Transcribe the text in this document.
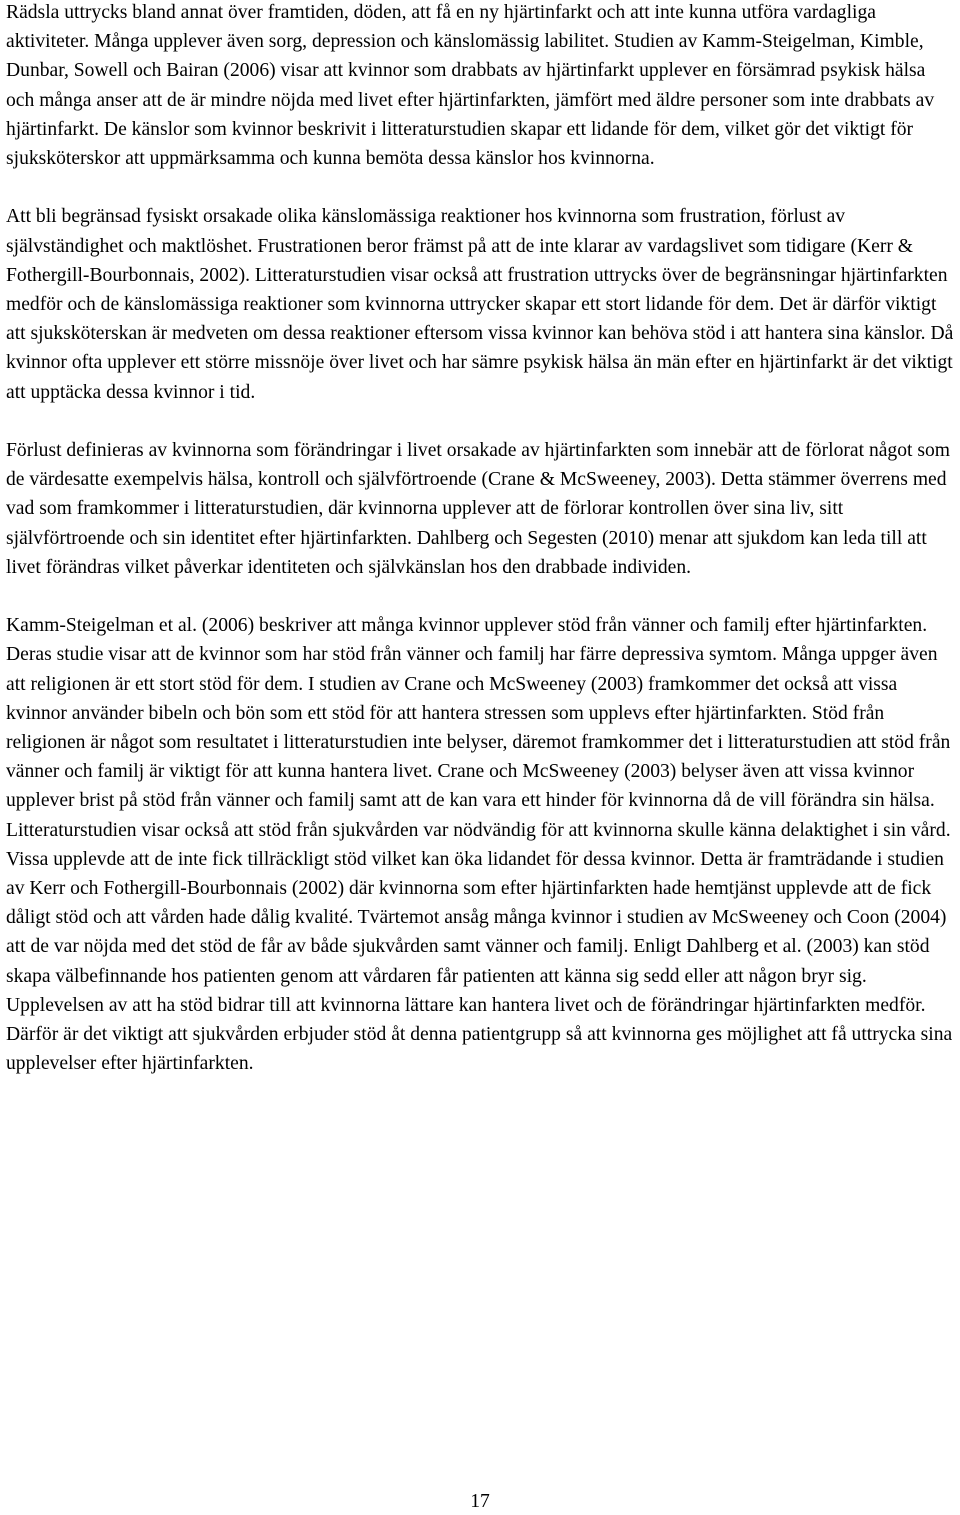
Rädsla uttrycks bland annat över framtiden, döden, att få en ny hjärtinfarkt och att inte kunna utföra vardagliga aktiviteter. Många upplever även sorg, depression och känslomässig labilitet. Studien av Kamm-Steigelman, Kimble, Dunbar, Sowell och Bairan (2006) visar att kvinnor som drabbats av hjärtinfarkt upplever en försämrad psykisk hälsa och många anser att de är mindre nöjda med livet efter hjärtinfarkten, jämfört med äldre personer som inte drabbats av hjärtinfarkt. De känslor som kvinnor beskrivit i litteraturstudien skapar ett lidande för dem, vilket gör det viktigt för sjuksköterskor att uppmärksamma och kunna bemöta dessa känslor hos kvinnorna.

Att bli begränsad fysiskt orsakade olika känslomässiga reaktioner hos kvinnorna som frustration, förlust av självständighet och maktlöshet. Frustrationen beror främst på att de inte klarar av vardagslivet som tidigare (Kerr & Fothergill-Bourbonnais, 2002). Litteraturstudien visar också att frustration uttrycks över de begränsningar hjärtinfarkten medför och de känslomässiga reaktioner som kvinnorna uttrycker skapar ett stort lidande för dem. Det är därför viktigt att sjuksköterskan är medveten om dessa reaktioner eftersom vissa kvinnor kan behöva stöd i att hantera sina känslor. Då kvinnor ofta upplever ett större missnöje över livet och har sämre psykisk hälsa än män efter en hjärtinfarkt är det viktigt att upptäcka dessa kvinnor i tid.

Förlust definieras av kvinnorna som förändringar i livet orsakade av hjärtinfarkten som innebär att de förlorat något som de värdesatte exempelvis hälsa, kontroll och självförtroende (Crane & McSweeney, 2003). Detta stämmer överrens med vad som framkommer i litteraturstudien, där kvinnorna upplever att de förlorar kontrollen över sina liv, sitt självförtroende och sin identitet efter hjärtinfarkten. Dahlberg och Segesten (2010) menar att sjukdom kan leda till att livet förändras vilket påverkar identiteten och självkänslan hos den drabbade individen.

Kamm-Steigelman et al. (2006) beskriver att många kvinnor upplever stöd från vänner och familj efter hjärtinfarkten. Deras studie visar att de kvinnor som har stöd från vänner och familj har färre depressiva symtom. Många uppger även att religionen är ett stort stöd för dem. I studien av Crane och McSweeney (2003) framkommer det också att vissa kvinnor använder bibeln och bön som ett stöd för att hantera stressen som upplevs efter hjärtinfarkten. Stöd från religionen är något som resultatet i litteraturstudien inte belyser, däremot framkommer det i litteraturstudien att stöd från vänner och familj är viktigt för att kunna hantera livet. Crane och McSweeney (2003) belyser även att vissa kvinnor upplever brist på stöd från vänner och familj samt att de kan vara ett hinder för kvinnorna då de vill förändra sin hälsa. Litteraturstudien visar också att stöd från sjukvården var nödvändig för att kvinnorna skulle känna delaktighet i sin vård. Vissa upplevde att de inte fick tillräckligt stöd vilket kan öka lidandet för dessa kvinnor. Detta är framträdande i studien av Kerr och Fothergill-Bourbonnais (2002) där kvinnorna som efter hjärtinfarkten hade hemtjänst upplevde att de fick dåligt stöd och att vården hade dålig kvalité. Tvärtemot ansåg många kvinnor i studien av McSweeney och Coon (2004) att de var nöjda med det stöd de får av både sjukvården samt vänner och familj. Enligt Dahlberg et al. (2003) kan stöd skapa välbefinnande hos patienten genom att vårdaren får patienten att känna sig sedd eller att någon bryr sig. Upplevelsen av att ha stöd bidrar till att kvinnorna lättare kan hantera livet och de förändringar hjärtinfarkten medför. Därför är det viktigt att sjukvården erbjuder stöd åt denna patientgrupp så att kvinnorna ges möjlighet att få uttrycka sina upplevelser efter hjärtinfarkten.

17
